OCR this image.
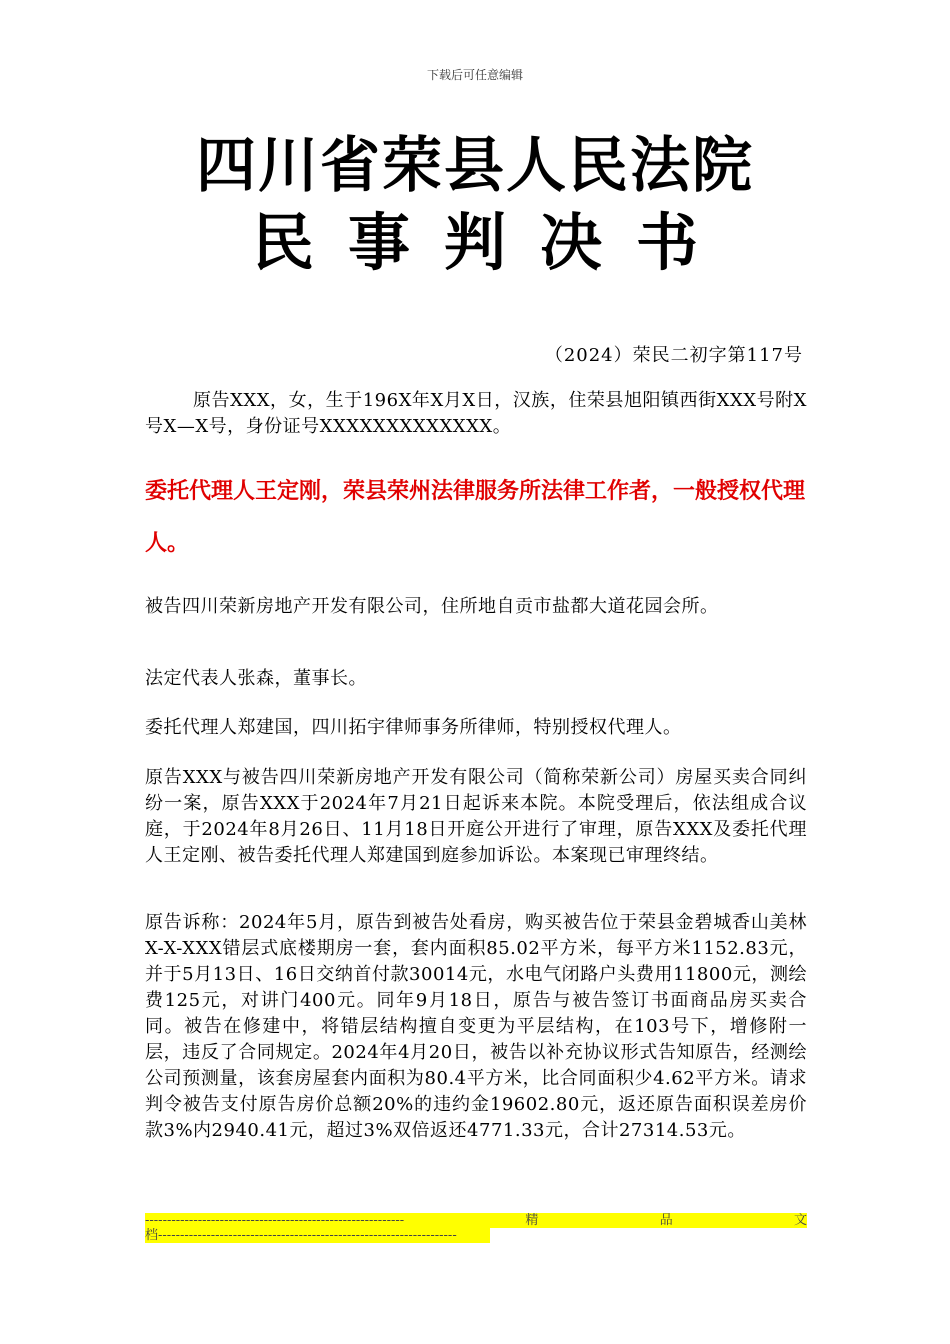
下载后可任意编辑
四川省荣县人民法院
民事判决书
（2024）荣民二初字第117号
原告XXX，女，生于196X年X月X日，汉族，住荣县旭阳镇西街XXX号附X号X—X号，身份证号XXXXXXXXXXXXX。
委托代理人王定刚，荣县荣州法律服务所法律工作者，一般授权代理人。
被告四川荣新房地产开发有限公司，住所地自贡市盐都大道花园会所。
法定代表人张森，董事长。
委托代理人郑建国，四川拓宇律师事务所律师，特别授权代理人。
原告XXX与被告四川荣新房地产开发有限公司（简称荣新公司）房屋买卖合同纠纷一案，原告XXX于2024年7月21日起诉来本院。本院受理后，依法组成合议庭，于2024年8月26日、11月18日开庭公开进行了审理，原告XXX及委托代理人王定刚、被告委托代理人郑建国到庭参加诉讼。本案现已审理终结。
原告诉称：2024年5月，原告到被告处看房，购买被告位于荣县金碧城香山美林X-X-XXX错层式底楼期房一套，套内面积85.02平方米，每平方米1152.83元，并于5月13日、16日交纳首付款30014元，水电气闭路户头费用11800元，测绘费125元，对讲门400元。同年9月18日，原告与被告签订书面商品房买卖合同。被告在修建中，将错层结构擅自变更为平层结构，在103号下，增修附一层，违反了合同规定。2024年4月20日，被告以补充协议形式告知原告，经测绘公司预测量，该套房屋套内面积为80.4平方米，比合同面积少4.62平方米。请求判令被告支付原告房价总额20%的违约金19602.80元，返还原告面积误差房价款3%内2940.41元，超过3%双倍返还4771.33元，合计27314.53元。
-----------------------------------------------------------	精	品	文
档--------------------------------------------------------------------
